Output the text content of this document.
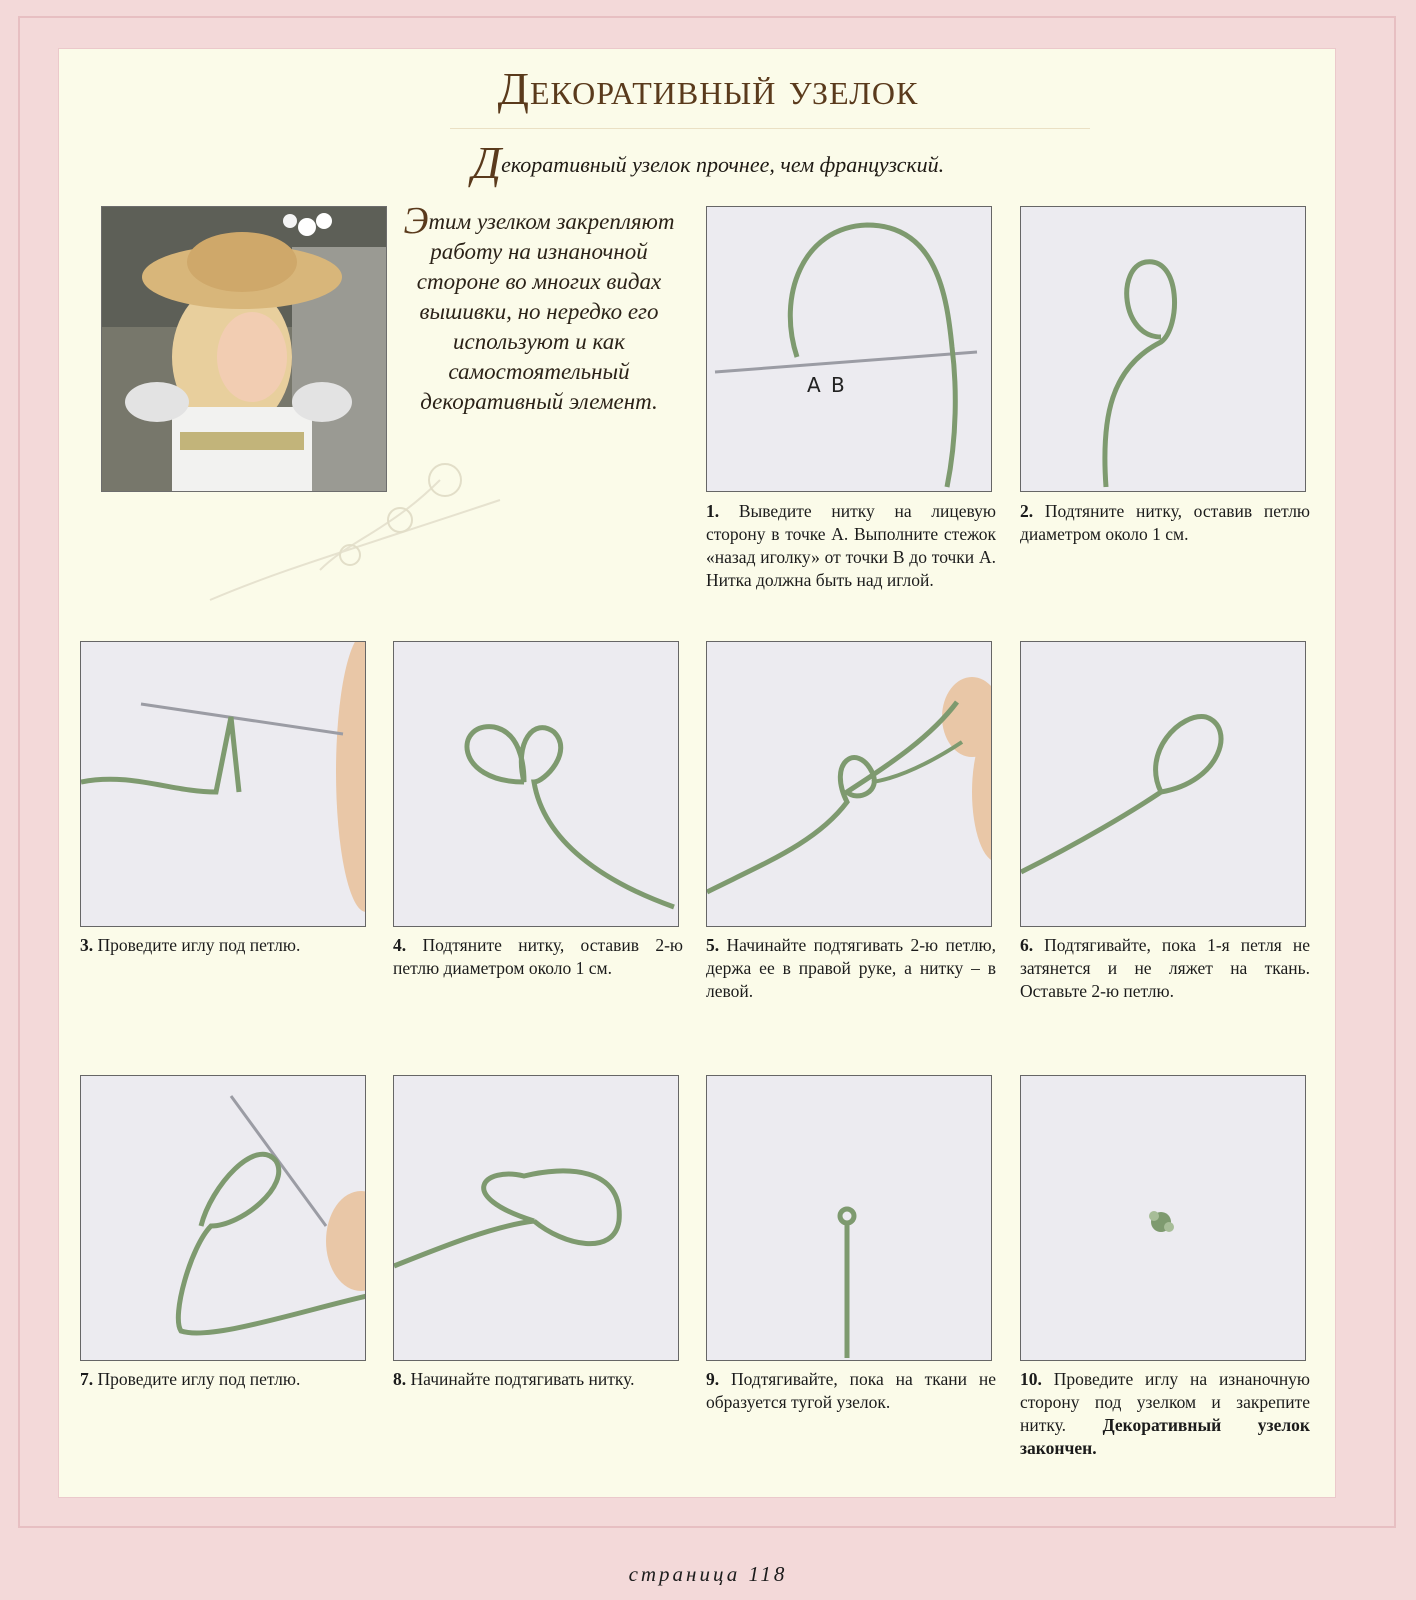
Декоративный узелок
Декоративный узелок прочнее, чем французский.
Этим узелком закрепляют работу на изнаночной стороне во многих видах вышивки, но нередко его используют и как самостоятельный декоративный элемент.
A B
1. Выведите нитку на лицевую сторону в точке A. Выполните стежок «назад иголку» от точки B до точки A. Нитка должна быть над иглой.
2. Подтяните нитку, оставив петлю диаметром около 1 см.
3. Проведите иглу под петлю.	4. Подтяните нитку, оставив 2-ю петлю диаметром около 1 см.
5. Начинайте подтягивать 2-ю петлю, держа ее в правой руке, а нитку – в левой.
6. Подтягивайте, пока 1-я петля не затянется и не ляжет на ткань. Оставьте 2-ю петлю.
7. Проведите иглу под петлю.	8. Начинайте подтягивать нитку.	9. Подтягивайте, пока на ткани не образуется тугой узелок.
10. Проведите иглу на изнаночную сторону под узелком и закрепите нитку. Декоративный узелок закончен.
страница 118
